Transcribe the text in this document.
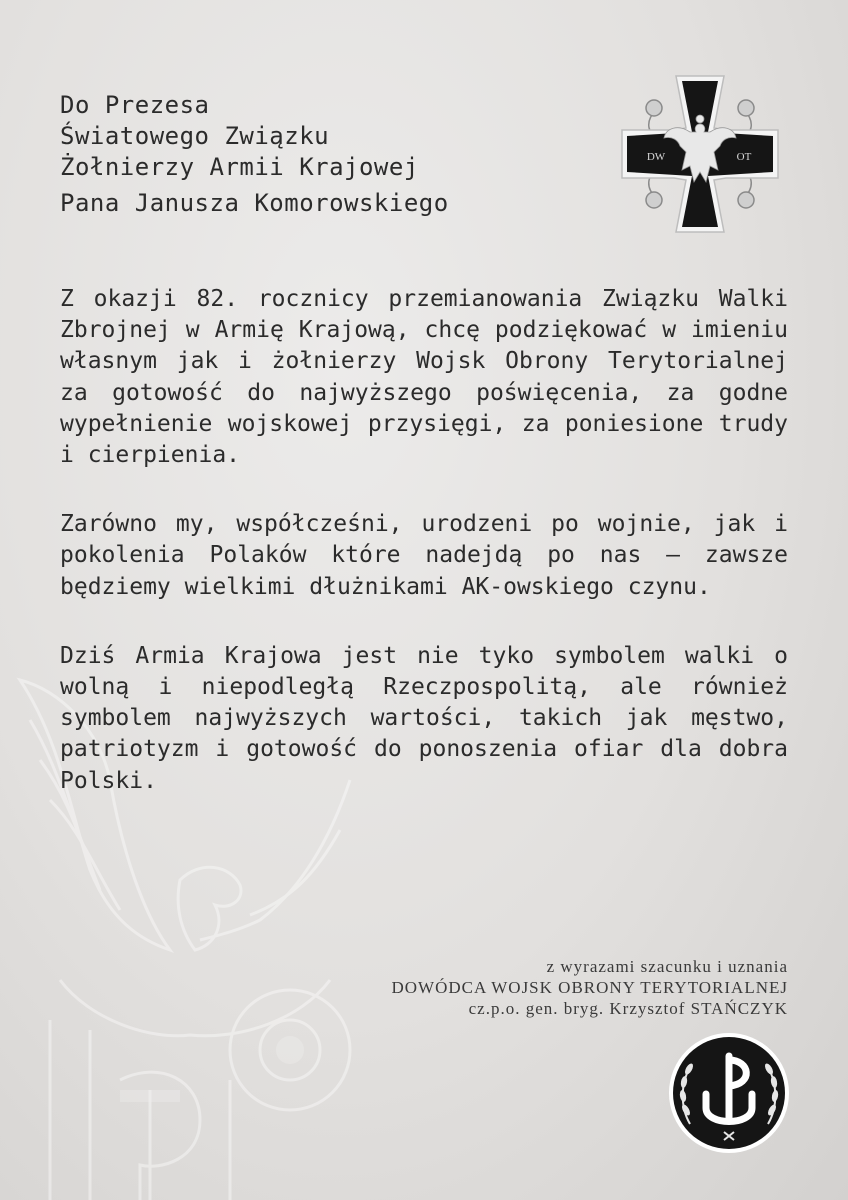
Do Prezesa
Światowego Związku
Żołnierzy Armii Krajowej
Pana Janusza Komorowskiego
DW	OT

Z okazji 82. rocznicy przemianowania Związku Walki Zbrojnej w Armię Krajową, chcę podziękować w imieniu własnym jak i żołnierzy Wojsk Obrony Terytorialnej za gotowość do najwyższego poświęcenia, za godne wypełnienie wojskowej przysięgi, za poniesione trudy i cierpienia.

Zarówno my, współcześni, urodzeni po wojnie, jak i pokolenia Polaków które nadejdą po nas – zawsze będziemy wielkimi dłużnikami AK-owskiego czynu.

Dziś Armia Krajowa jest nie tyko symbolem walki o wolną i niepodległą Rzeczpospolitą, ale również symbolem najwyższych wartości, takich jak męstwo, patriotyzm i gotowość do ponoszenia ofiar dla dobra Polski.

z wyrazami szacunku i uznania
DOWÓDCA WOJSK OBRONY TERYTORIALNEJ
cz.p.o. gen. bryg. Krzysztof STAŃCZYK
